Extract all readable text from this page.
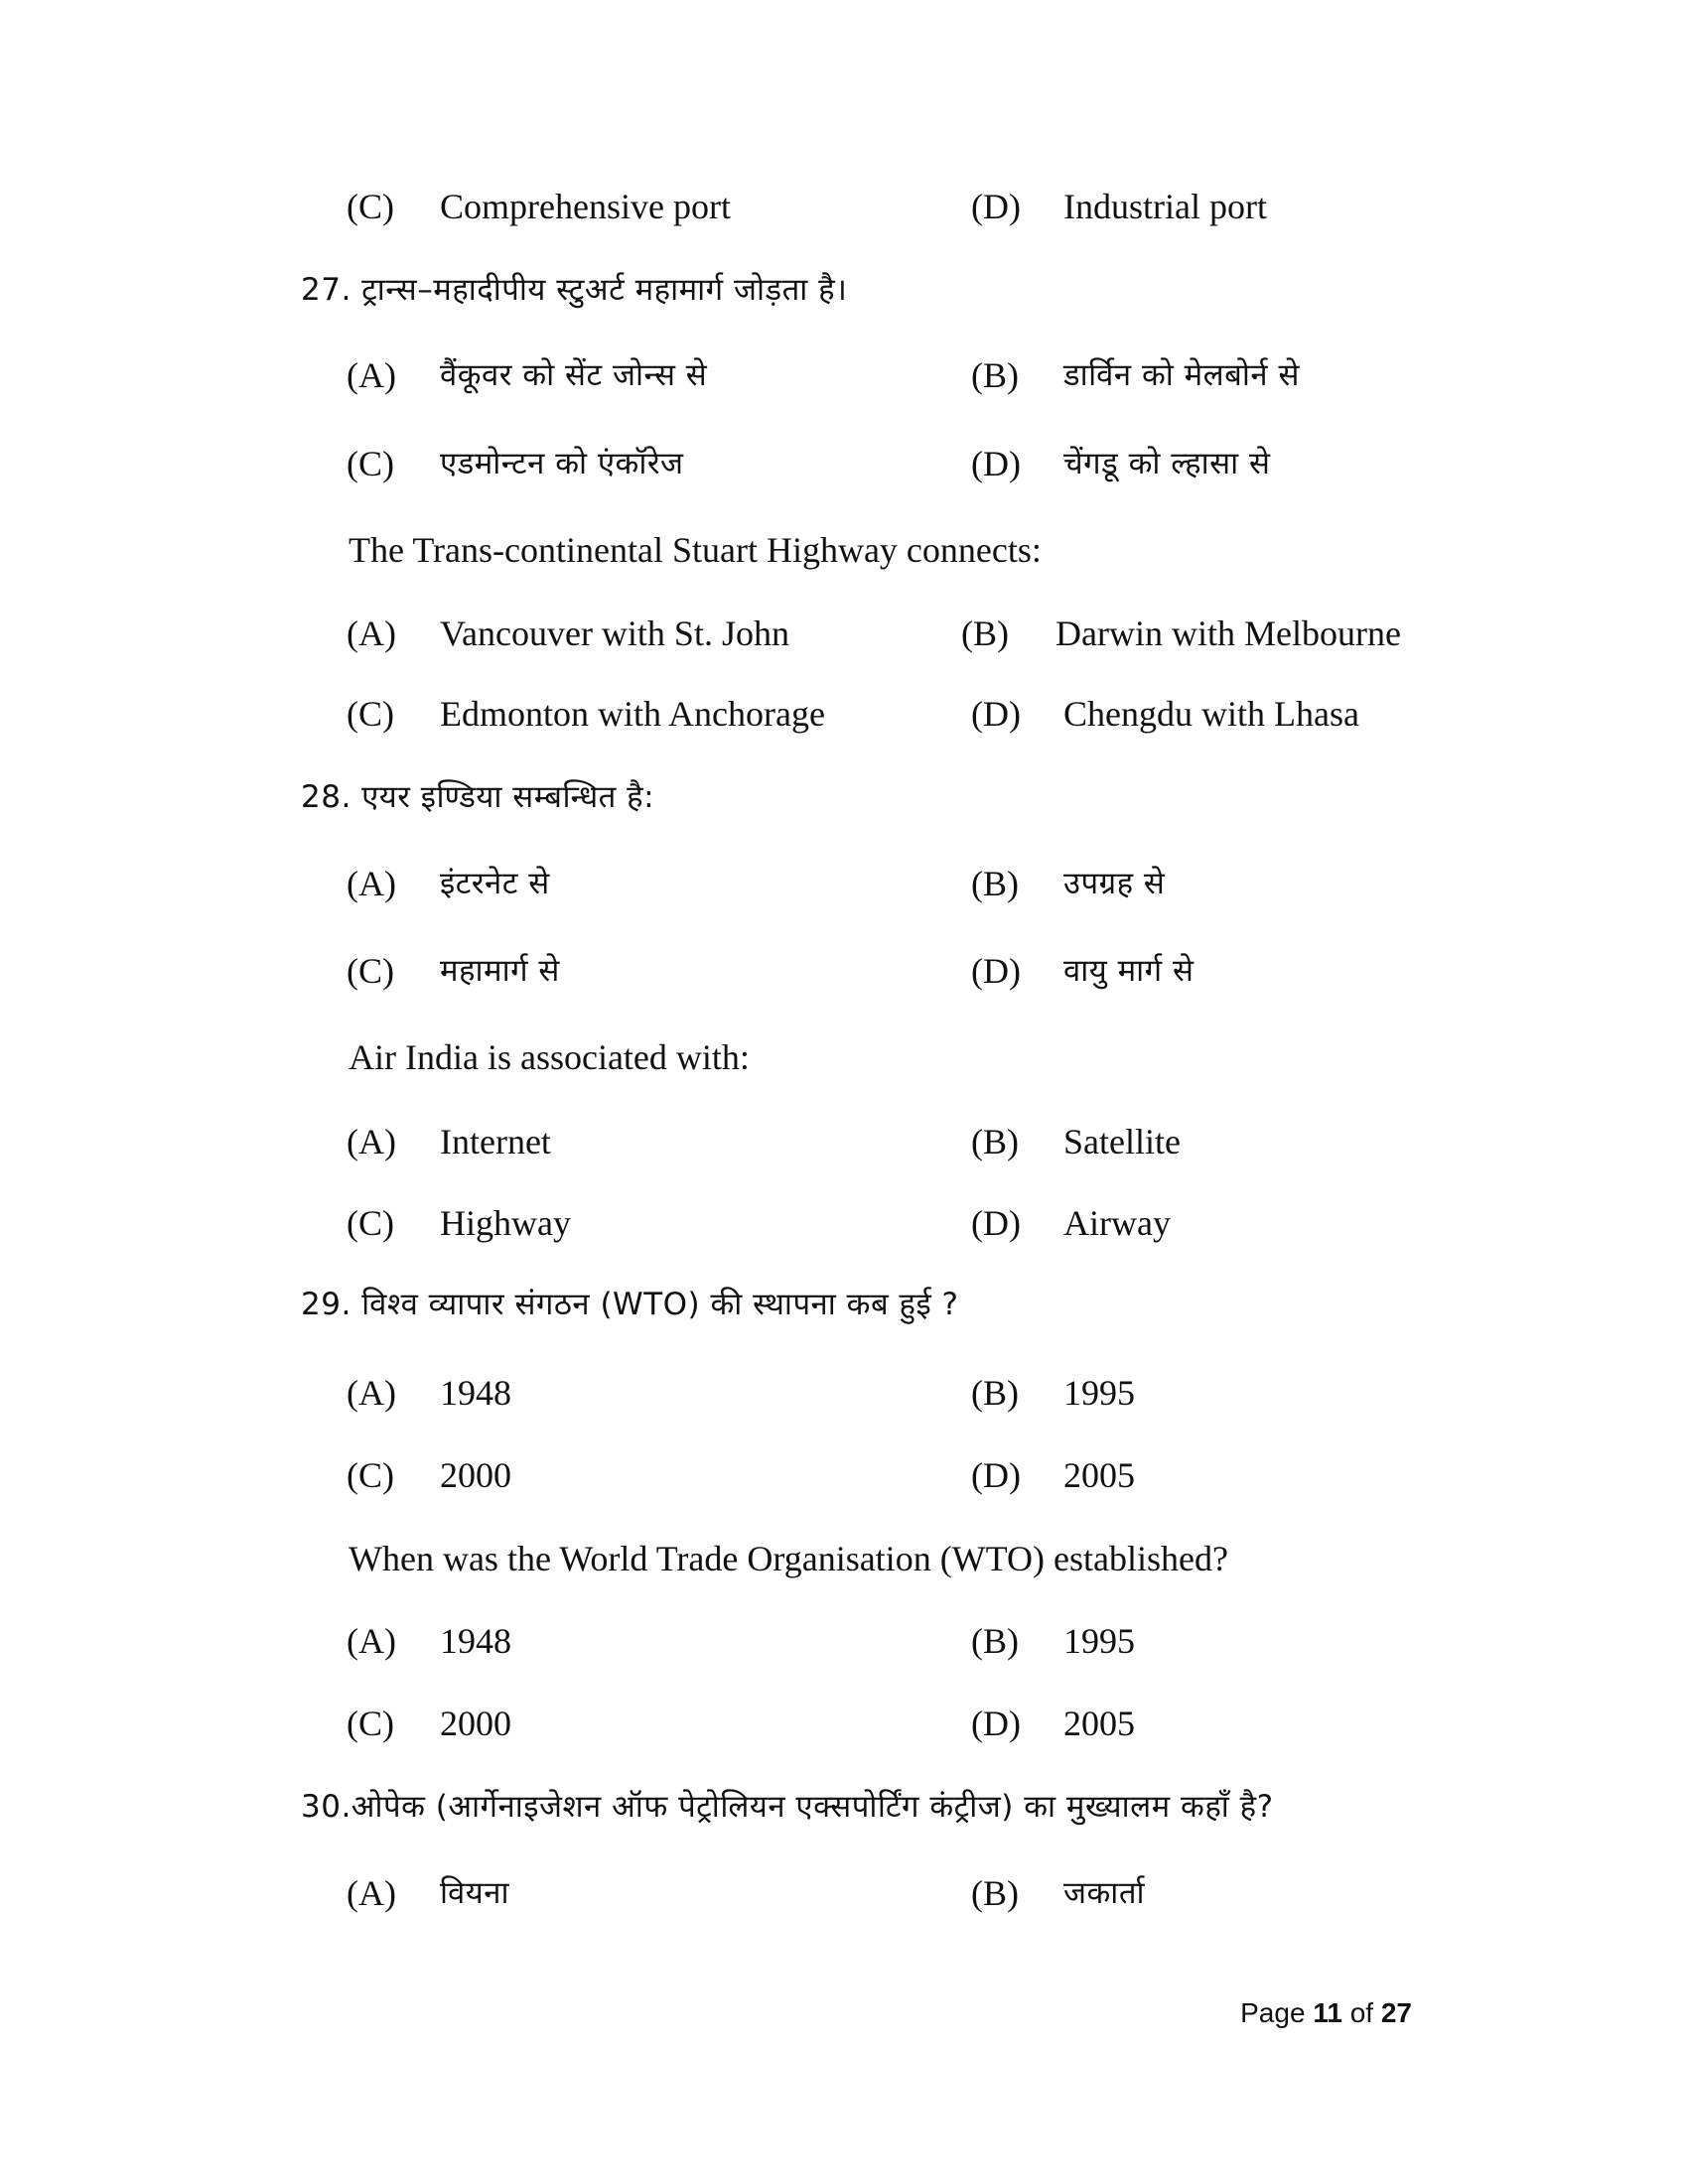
(C) Comprehensive port	(D) Industrial port
27. ट्रान्स–महादीपीय स्टुअर्ट महामार्ग जोड़ता है।
(A) वैंकूवर को सेंट जोन्स से	(B) डार्विन को मेलबोर्न से
(C) एडमोन्टन को एंकॉरेज	(D) चेंगडू को ल्हासा से
The Trans-continental Stuart Highway connects:
(A) Vancouver with St. John	(B) Darwin with Melbourne
(C) Edmonton with Anchorage	(D) Chengdu with Lhasa
28. एयर इण्डिया सम्बन्धित है:
(A) इंटरनेट से	(B) उपग्रह से
(C) महामार्ग से	(D) वायु मार्ग से
Air India is associated with:
(A) Internet	(B) Satellite
(C) Highway	(D) Airway
29. विश्व व्यापार संगठन (WTO) की स्थापना कब हुई ?
(A) 1948	(B) 1995
(C) 2000	(D) 2005
When was the World Trade Organisation (WTO) established?
(A) 1948	(B) 1995
(C) 2000	(D) 2005
30.ओपेक (आर्गेनाइजेशन ऑफ पेट्रोलियन एक्सपोर्टिंग कंट्रीज) का मुख्यालम कहाँ है?
(A) वियना	(B) जकार्ता
Page 11 of 27
